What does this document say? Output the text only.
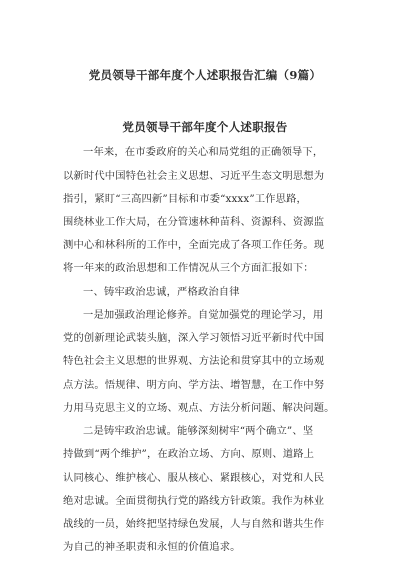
党员领导干部年度个人述职报告汇编（9篇）
党员领导干部年度个人述职报告
一年来，在市委政府的关心和局党组的正确领导下，
以新时代中国特色社会主义思想、习近平生态文明思想为
指引，紧盯“三高四新”目标和市委“xxxx”工作思路，
围绕林业工作大局，在分管速林种苗科、资源科、资源监
测中心和林科所的工作中，全面完成了各项工作任务。现
将一年来的政治思想和工作情况从三个方面汇报如下：
一、铸牢政治忠诚，严格政治自律
一是加强政治理论修养。自觉加强党的理论学习，用
党的创新理论武装头脑，深入学习领悟习近平新时代中国
特色社会主义思想的世界观、方法论和贯穿其中的立场观
点方法。悟规律、明方向、学方法、增智慧，在工作中努
力用马克思主义的立场、观点、方法分析问题、解决问题。
二是铸牢政治忠诚。能够深刻树牢“两个确立”、坚
持做到“两个维护”，在政治立场、方向、原则、道路上
认同核心、维护核心、服从核心、紧跟核心，对党和人民
绝对忠诚。全面贯彻执行党的路线方针政策。我作为林业
战线的一员，始终把坚持绿色发展，人与自然和谐共生作
为自己的神圣职责和永恒的价值追求。
